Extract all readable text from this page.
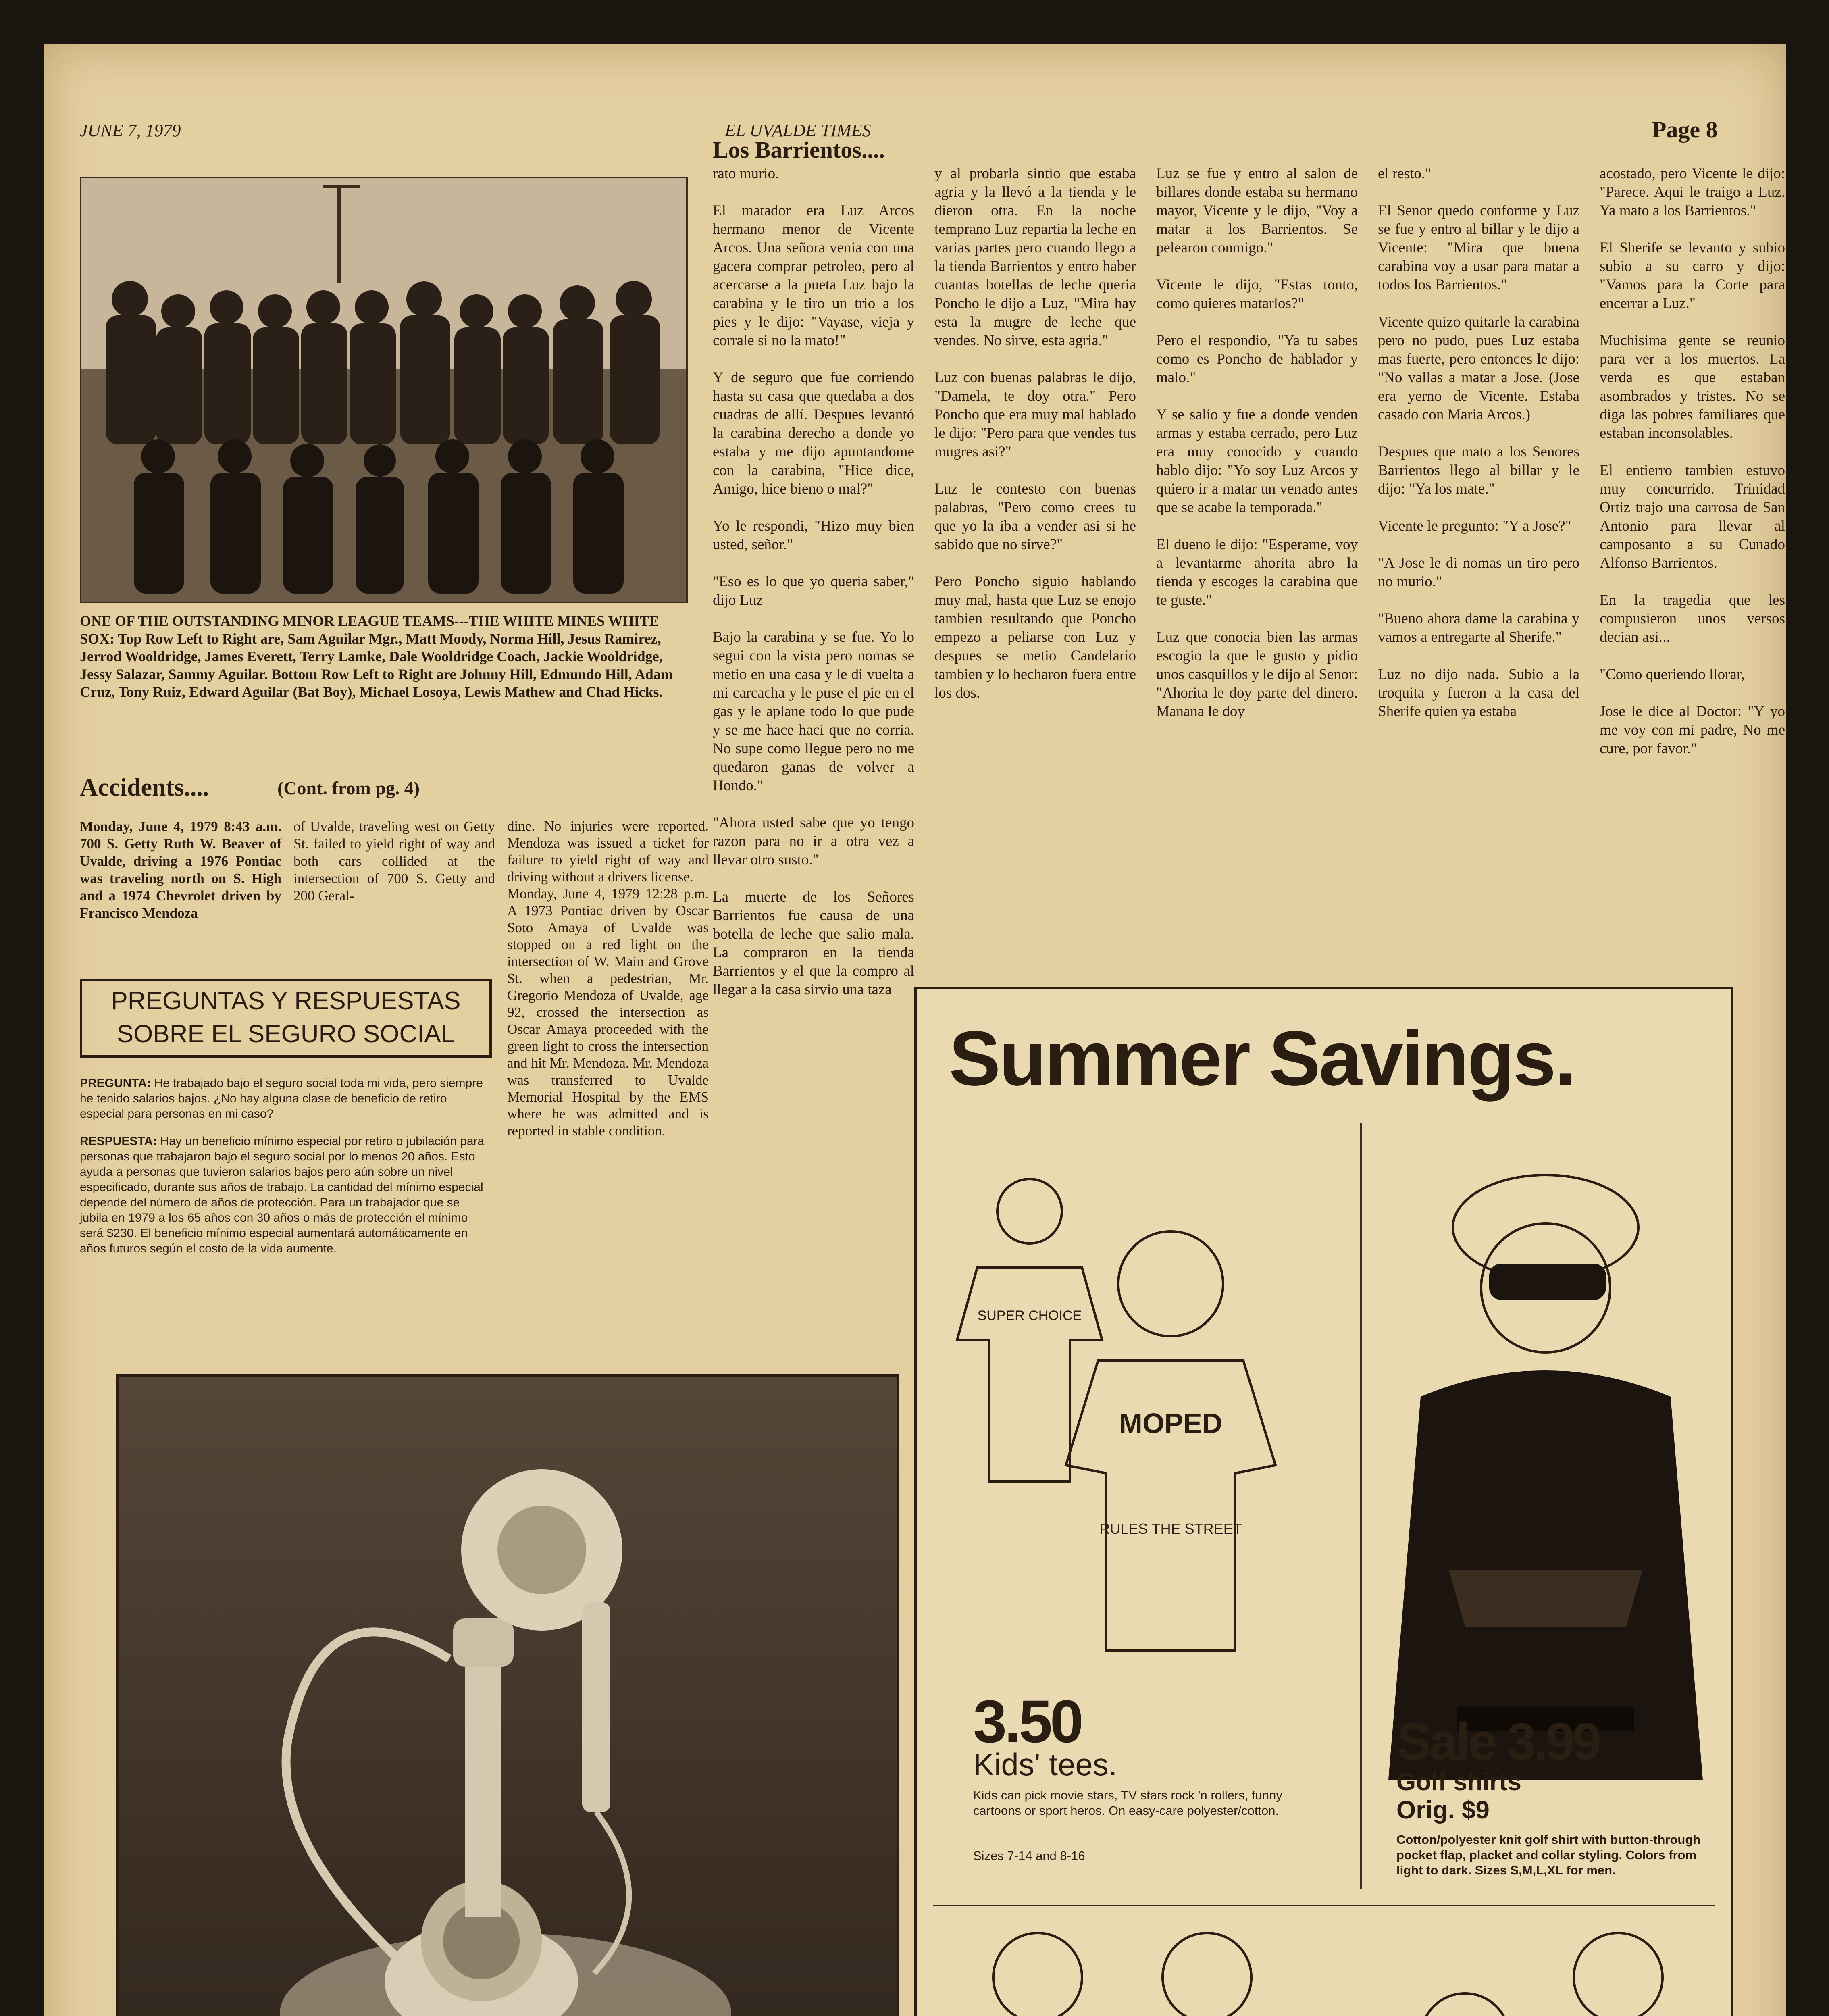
JUNE 7, 1979	EL UVALDE TIMES	Page 8
ONE OF THE OUTSTANDING MINOR LEAGUE TEAMS---THE WHITE MINES WHITE SOX: Top Row Left to Right are, Sam Aguilar Mgr., Matt Moody, Norma Hill, Jesus Ramirez, Jerrod Wooldridge, James Everett, Terry Lamke, Dale Wooldridge Coach, Jackie Wooldridge, Jessy Salazar, Sammy Aguilar. Bottom Row Left to Right are Johnny Hill, Edmundo Hill, Adam Cruz, Tony Ruiz, Edward Aguilar (Bat Boy), Michael Losoya, Lewis Mathew and Chad Hicks.
Accidents....	(Cont. from pg. 4)
Monday, June 4, 1979 8:43 a.m. 700 S. Getty Ruth W. Beaver of Uvalde, driving a 1976 Pontiac was traveling north on S. High and a 1974 Chevrolet driven by Francisco Mendoza
of Uvalde, traveling west on Getty St. failed to yield right of way and both cars collided at the intersection of 700 S. Getty and 200 Geral-
dine. No injuries were reported. Mendoza was issued a ticket for failure to yield right of way and driving without a drivers license.
Monday, June 4, 1979 12:28 p.m. A 1973 Pontiac driven by Oscar Soto Amaya of Uvalde was stopped on a red light on the intersection of W. Main and Grove St. when a pedestrian, Mr. Gregorio Mendoza of Uvalde, age 92, crossed the intersection as Oscar Amaya proceeded with the green light to cross the intersection and hit Mr. Mendoza. Mr. Mendoza was transferred to Uvalde Memorial Hospital by the EMS where he was admitted and is reported in stable condition.
PREGUNTAS Y RESPUESTAS
SOBRE EL SEGURO SOCIAL

PREGUNTA: He trabajado bajo el seguro social toda mi vida, pero siempre he tenido salarios bajos. ¿No hay alguna clase de beneficio de retiro especial para personas en mi caso?

RESPUESTA: Hay un beneficio mínimo especial por retiro o jubilación para personas que trabajaron bajo el seguro social por lo menos 20 años. Esto ayuda a personas que tuvieron salarios bajos pero aún sobre un nivel especificado, durante sus años de trabajo. La cantidad del mínimo especial depende del número de años de protección. Para un trabajador que se jubila en 1979 a los 65 años con 30 años o más de protección el mínimo será $230. El beneficio mínimo especial aumentará automáticamente en años futuros según el costo de la vida aumente.

Los Barrientos....
rato murio.

El matador era Luz Arcos hermano menor de Vicente Arcos. Una señora venia con una gacera comprar petroleo, pero al acercarse a la pueta Luz bajo la carabina y le tiro un trio a los pies y le dijo: "Vayase, vieja y corrale si no la mato!"

Y de seguro que fue corriendo hasta su casa que quedaba a dos cuadras de allí. Despues levantó la carabina derecho a donde yo estaba y me dijo apuntandome con la carabina, "Hice dice, Amigo, hice bieno o mal?"

Yo le respondi, "Hizo muy bien usted, señor."

"Eso es lo que yo queria saber," dijo Luz

Bajo la carabina y se fue. Yo lo segui con la vista pero nomas se metio en una casa y le di vuelta a mi carcacha y le puse el pie en el gas y le aplane todo lo que pude y se me hace haci que no corria. No supe como llegue pero no me quedaron ganas de volver a Hondo."

"Ahora usted sabe que yo tengo razon para no ir a otra vez a llevar otro susto."

La muerte de los Señores Barrientos fue causa de una botella de leche que salio mala. La compraron en la tienda Barrientos y el que la compro al llegar a la casa sirvio una taza
y al probarla sintio que estaba agria y la llevó a la tienda y le dieron otra. En la noche temprano Luz repartia la leche en varias partes pero cuando llego a la tienda Barrientos y entro haber cuantas botellas de leche queria Poncho le dijo a Luz, "Mira hay esta la mugre de leche que vendes. No sirve, esta agria."

Luz con buenas palabras le dijo, "Damela, te doy otra." Pero Poncho que era muy mal hablado le dijo: "Pero para que vendes tus mugres asi?"

Luz le contesto con buenas palabras, "Pero como crees tu que yo la iba a vender asi si he sabido que no sirve?"

Pero Poncho siguio hablando muy mal, hasta que Luz se enojo tambien resultando que Poncho empezo a peliarse con Luz y despues se metio Candelario tambien y lo hecharon fuera entre los dos.
Luz se fue y entro al salon de billares donde estaba su hermano mayor, Vicente y le dijo, "Voy a matar a los Barrientos. Se pelearon conmigo."

Vicente le dijo, "Estas tonto, como quieres matarlos?"

Pero el respondio, "Ya tu sabes como es Poncho de hablador y malo."

Y se salio y fue a donde venden armas y estaba cerrado, pero Luz era muy conocido y cuando hablo dijo: "Yo soy Luz Arcos y quiero ir a matar un venado antes que se acabe la temporada."

El dueno le dijo: "Esperame, voy a levantarme ahorita abro la tienda y escoges la carabina que te guste."

Luz que conocia bien las armas escogio la que le gusto y pidio unos casquillos y le dijo al Senor: "Ahorita le doy parte del dinero. Manana le doy
el resto."

El Senor quedo conforme y Luz se fue y entro al billar y le dijo a Vicente: "Mira que buena carabina voy a usar para matar a todos los Barrientos."

Vicente quizo quitarle la carabina pero no pudo, pues Luz estaba mas fuerte, pero entonces le dijo: "No vallas a matar a Jose. (Jose era yerno de Vicente. Estaba casado con Maria Arcos.)

Despues que mato a los Senores Barrientos llego al billar y le dijo: "Ya los mate."

Vicente le pregunto: "Y a Jose?"

"A Jose le di nomas un tiro pero no murio."

"Bueno ahora dame la carabina y vamos a entregarte al Sherife."

Luz no dijo nada. Subio a la troquita y fueron a la casa del Sherife quien ya estaba
acostado, pero Vicente le dijo: "Parece. Aqui le traigo a Luz. Ya mato a los Barrientos."

El Sherife se levanto y subio subio a su carro y dijo: "Vamos para la Corte para encerrar a Luz."

Muchisima gente se reunio para ver a los muertos. La verda es que estaban asombrados y tristes. No se diga las pobres familiares que estaban inconsolables.

El entierro tambien estuvo muy concurrido. Trinidad Ortiz trajo una carrosa de San Antonio para llevar al camposanto a su Cunado Alfonso Barrientos.

En la tragedia que les compusieron unos versos decian asi...

"Como queriendo llorar,

Jose le dice al Doctor: "Y yo me voy con mi padre, No me cure, por favor."

Summer Savings.
SUPER CHOICE
MOPED
RULES THE STREET
3.50
Kids' tees.
Kids can pick movie stars, TV stars rock 'n rollers, funny cartoons or sport heros. On easy-care polyester/cotton.
Sizes 7-14 and 8-16
Sale 3.99
Golf shirts
Orig. $9
Cotton/polyester knit golf shirt with button-through pocket flap, placket and collar styling. Colors from light to dark. Sizes S,M,L,XL for men.
